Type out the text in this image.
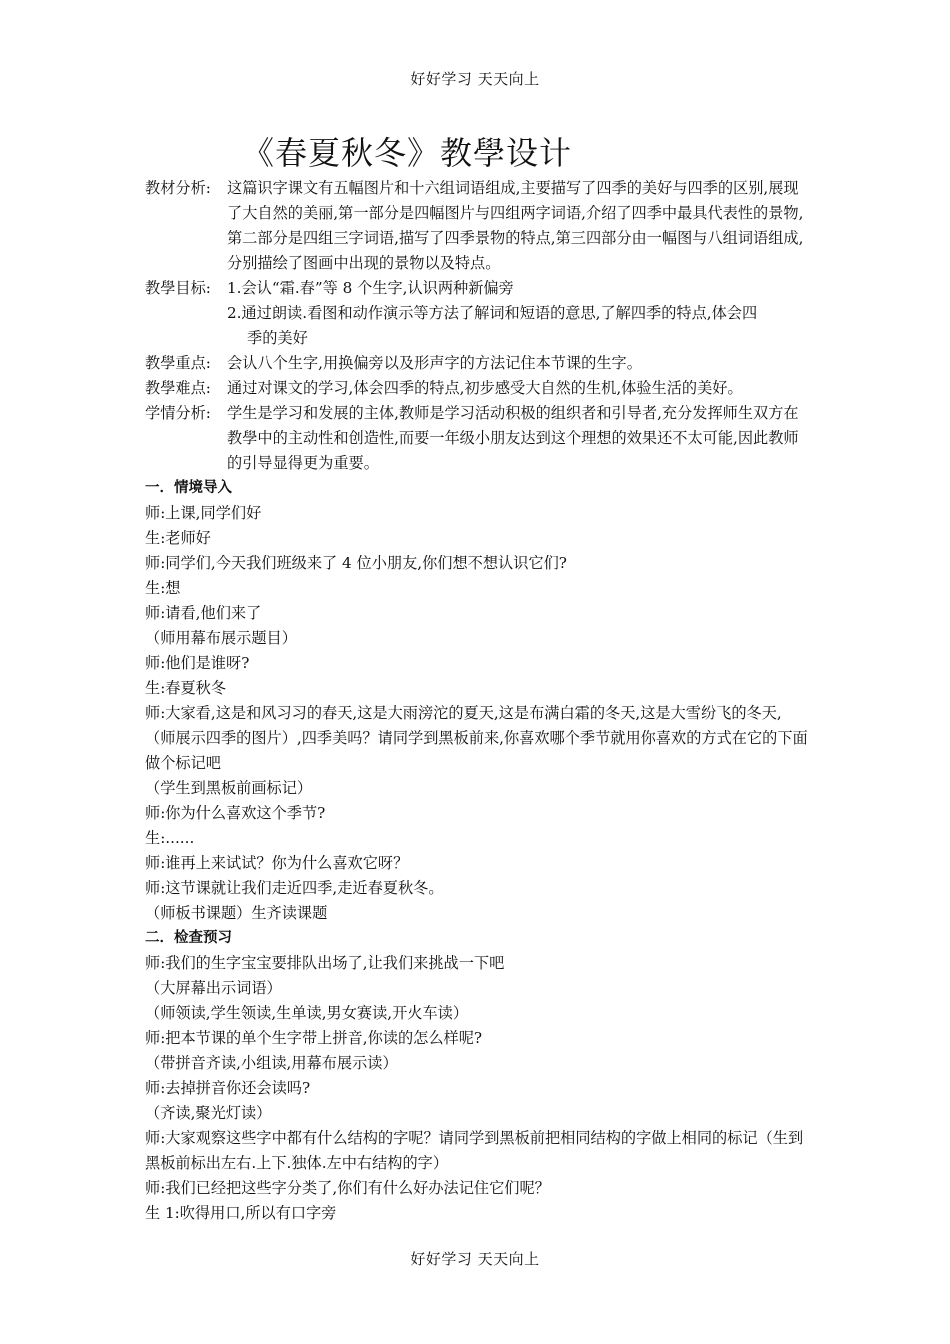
好好学习 天天向上
《春夏秋冬》教學设计
教材分析:	这篇识字课文有五幅图片和十六组词语组成,主要描写了四季的美好与四季的区别,展现了大自然的美丽,第一部分是四幅图片与四组两字词语,介绍了四季中最具代表性的景物,第二部分是四组三字词语,描写了四季景物的特点,第三四部分由一幅图与八组词语组成,分别描绘了图画中出现的景物以及特点。
教學目标:	1.会认“霜.春”等 8 个生字,认识两种新偏旁
2.通过朗读.看图和动作演示等方法了解词和短语的意思,了解四季的特点,体会四
季的美好
教學重点:	会认八个生字,用换偏旁以及形声字的方法记住本节课的生字。
教學难点:	通过对课文的学习,体会四季的特点,初步感受大自然的生机,体验生活的美好。
学情分析:	学生是学习和发展的主体,教师是学习活动积极的组织者和引导者,充分发挥师生双方在教學中的主动性和创造性,而要一年级小朋友达到这个理想的效果还不太可能,因此教师的引导显得更为重要。
一．情境导入
师:上课,同学们好
生:老师好
师:同学们,今天我们班级来了 4 位小朋友,你们想不想认识它们?
生:想
师:请看,他们来了
（师用幕布展示题目）
师:他们是谁呀?
生:春夏秋冬
师:大家看,这是和风习习的春天,这是大雨滂沱的夏天,这是布满白霜的冬天,这是大雪纷飞的冬天,（师展示四季的图片）,四季美吗？请同学到黑板前来,你喜欢哪个季节就用你喜欢的方式在它的下面做个标记吧
（学生到黑板前画标记）
师:你为什么喜欢这个季节?
生:......
师:谁再上来试试？你为什么喜欢它呀？
师:这节课就让我们走近四季,走近春夏秋冬。
（师板书课题）生齐读课题
二．检查预习
师:我们的生字宝宝要排队出场了,让我们来挑战一下吧
（大屏幕出示词语）
（师领读,学生领读,生单读,男女赛读,开火车读）
师:把本节课的单个生字带上拼音,你读的怎么样呢?
（带拼音齐读,小组读,用幕布展示读）
师:去掉拼音你还会读吗?
（齐读,聚光灯读）
师:大家观察这些字中都有什么结构的字呢？请同学到黑板前把相同结构的字做上相同的标记（生到黑板前标出左右.上下.独体.左中右结构的字）
师:我们已经把这些字分类了,你们有什么好办法记住它们呢？
生 1:吹得用口,所以有口字旁
好好学习 天天向上
